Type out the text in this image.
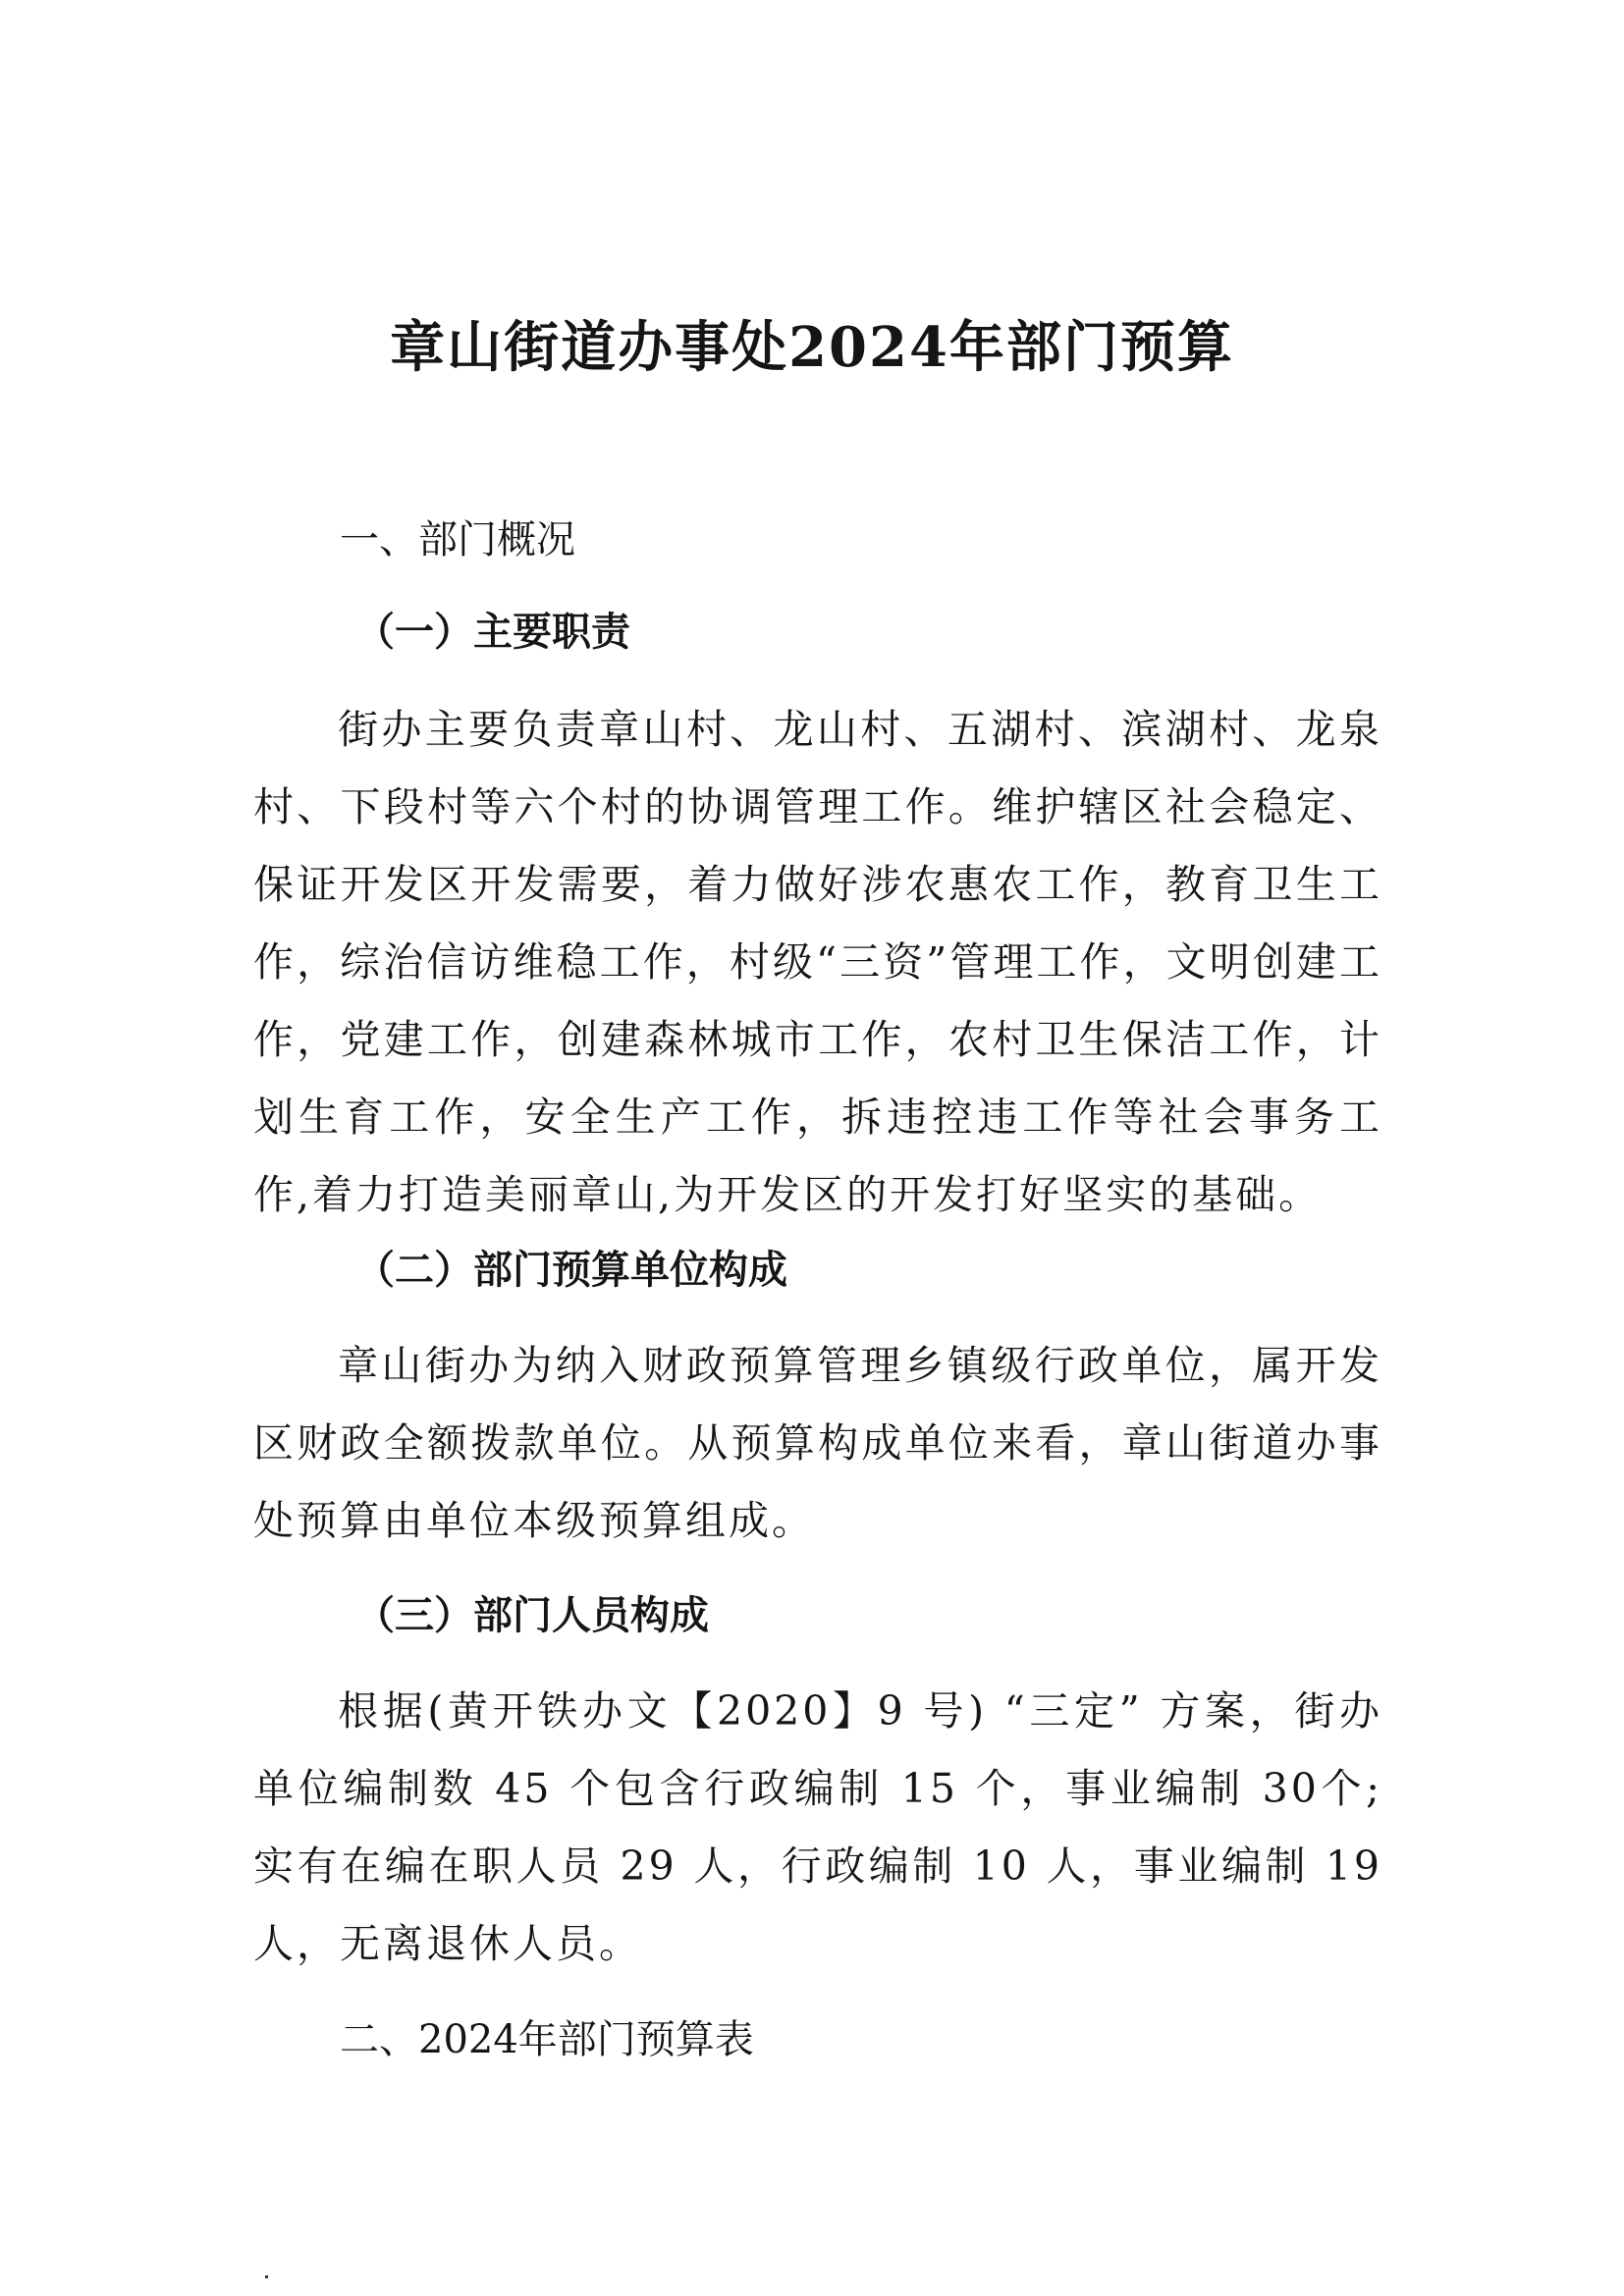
章山街道办事处2024年部门预算
一、部门概况
（一）主要职责
街办主要负责章山村、龙山村、五湖村、滨湖村、龙泉村、下段村等六个村的协调管理工作。维护辖区社会稳定、保证开发区开发需要，着力做好涉农惠农工作，教育卫生工作，综治信访维稳工作，村级“三资”管理工作，文明创建工作，党建工作，创建森林城市工作，农村卫生保洁工作，计划生育工作，安全生产工作，拆违控违工作等社会事务工作,着力打造美丽章山,为开发区的开发打好坚实的基础。
（二）部门预算单位构成
章山街办为纳入财政预算管理乡镇级行政单位，属开发区财政全额拨款单位。从预算构成单位来看，章山街道办事处预算由单位本级预算组成。
（三）部门人员构成
根据(黄开铁办文【2020】9 号) “三定” 方案，街办单位编制数 45 个包含行政编制 15 个，事业编制 30个;实有在编在职人员 29 人，行政编制 10 人，事业编制 19 人，无离退休人员。
二、2024年部门预算表
